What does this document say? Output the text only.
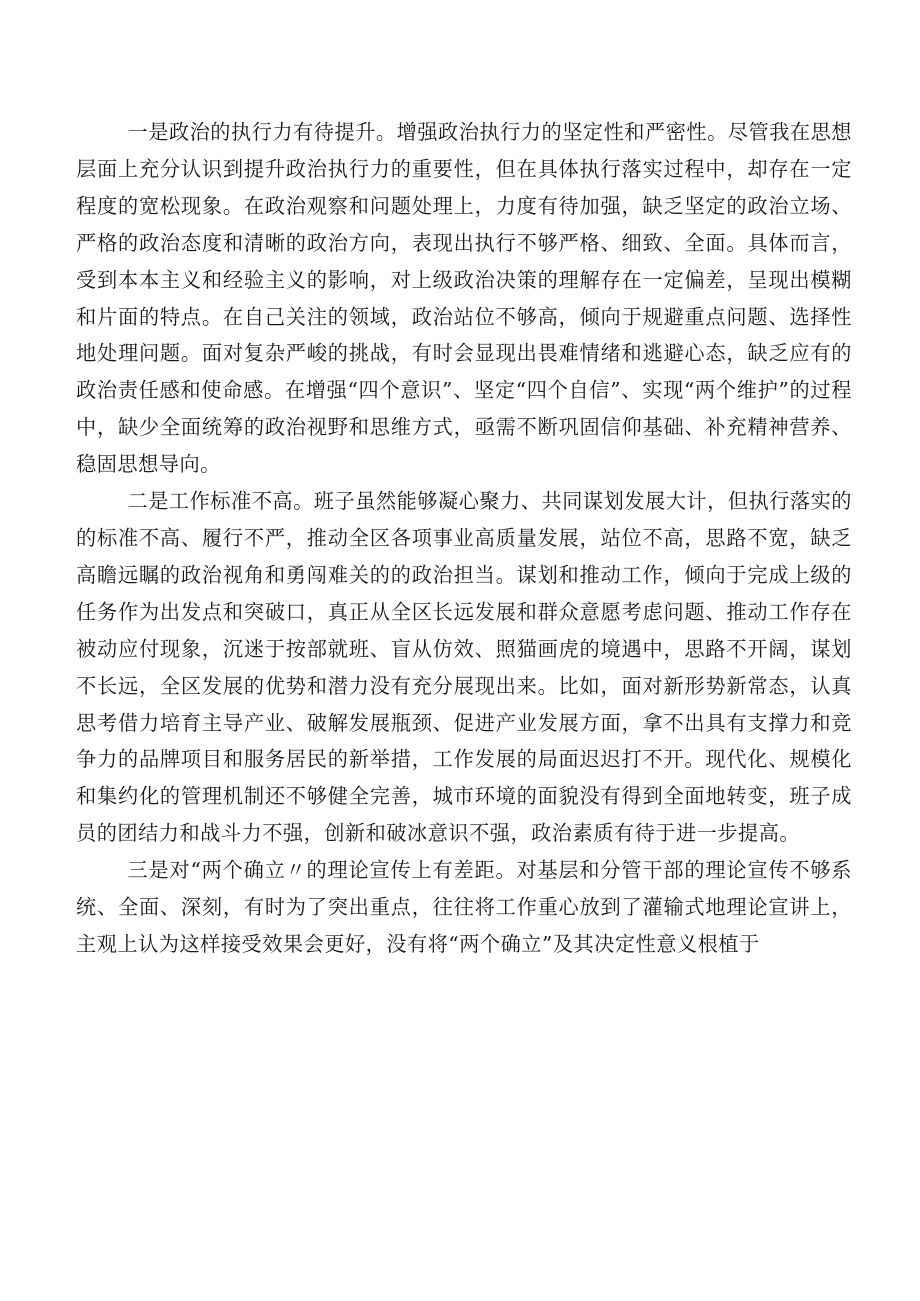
一是政治的执行力有待提升。增强政治执行力的坚定性和严密性。尽管我在思想层面上充分认识到提升政治执行力的重要性，但在具体执行落实过程中，却存在一定程度的宽松现象。在政治观察和问题处理上，力度有待加强，缺乏坚定的政治立场、严格的政治态度和清晰的政治方向，表现出执行不够严格、细致、全面。具体而言，受到本本主义和经验主义的影响，对上级政治决策的理解存在一定偏差，呈现出模糊和片面的特点。在自己关注的领域，政治站位不够高，倾向于规避重点问题、选择性地处理问题。面对复杂严峻的挑战，有时会显现出畏难情绪和逃避心态，缺乏应有的政治责任感和使命感。在增强“四个意识”、坚定“四个自信”、实现“两个维护”的过程中，缺少全面统筹的政治视野和思维方式，亟需不断巩固信仰基础、补充精神营养、稳固思想导向。

二是工作标准不高。班子虽然能够凝心聚力、共同谋划发展大计，但执行落实的的标准不高、履行不严，推动全区各项事业高质量发展，站位不高，思路不宽，缺乏高瞻远瞩的政治视角和勇闯难关的的政治担当。谋划和推动工作，倾向于完成上级的任务作为出发点和突破口，真正从全区长远发展和群众意愿考虑问题、推动工作存在被动应付现象，沉迷于按部就班、盲从仿效、照猫画虎的境遇中，思路不开阔，谋划不长远，全区发展的优势和潜力没有充分展现出来。比如，面对新形势新常态，认真思考借力培育主导产业、破解发展瓶颈、促进产业发展方面，拿不出具有支撑力和竞争力的品牌项目和服务居民的新举措，工作发展的局面迟迟打不开。现代化、规模化和集约化的管理机制还不够健全完善，城市环境的面貌没有得到全面地转变，班子成员的团结力和战斗力不强，创新和破冰意识不强，政治素质有待于进一步提高。

三是对“两个确立〃的理论宣传上有差距。对基层和分管干部的理论宣传不够系统、全面、深刻，有时为了突出重点，往往将工作重心放到了灌输式地理论宣讲上，主观上认为这样接受效果会更好，没有将“两个确立”及其决定性意义根植于
